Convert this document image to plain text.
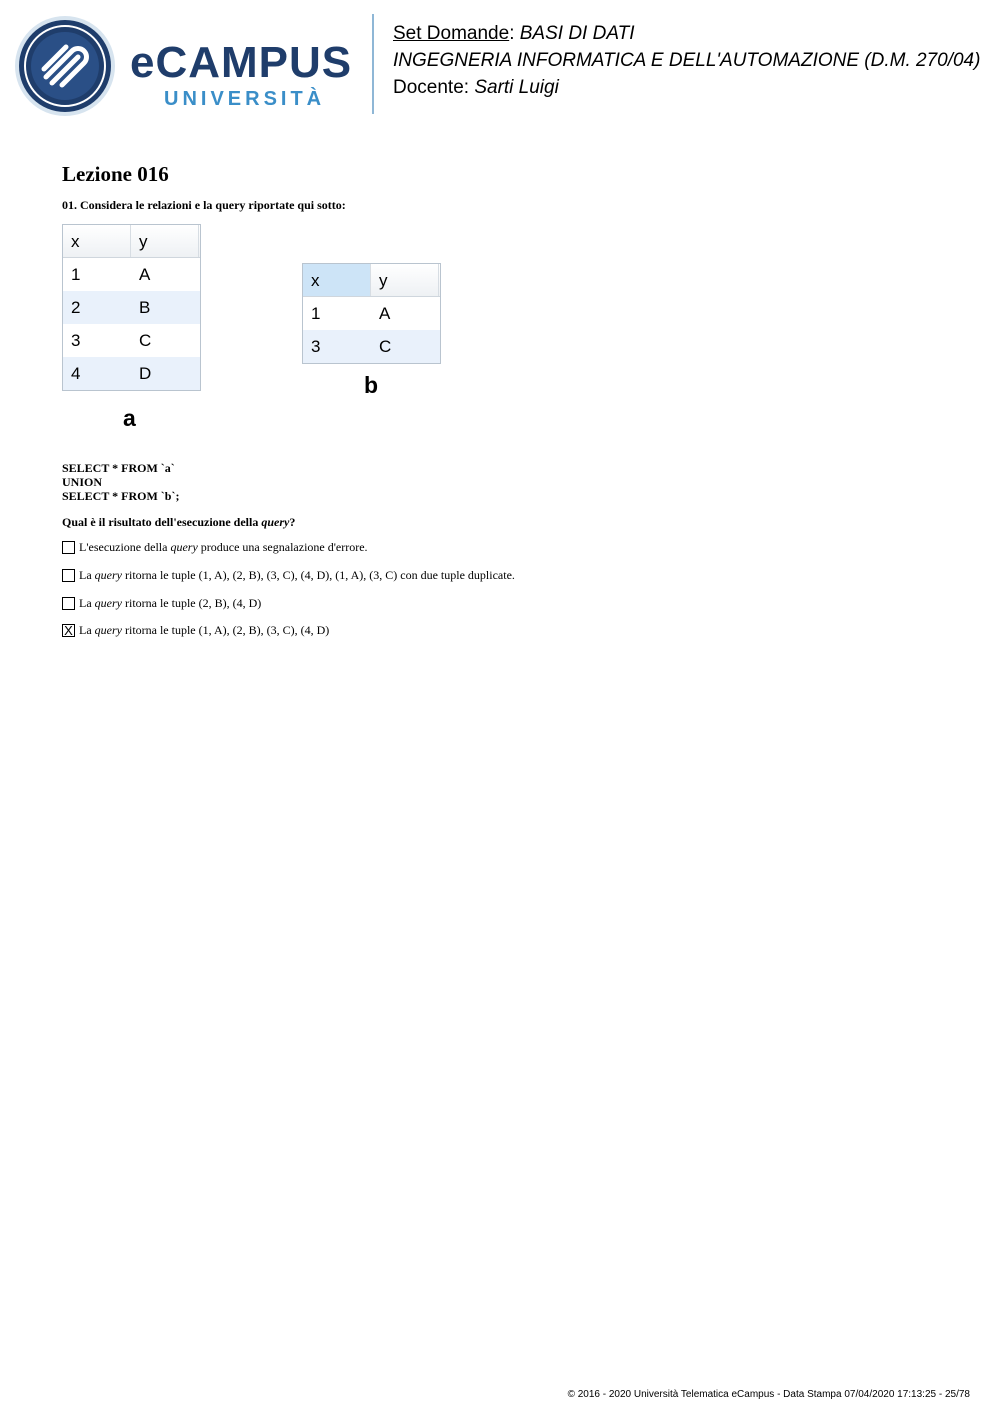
eCAMPUS
UNIVERSITÀ
Set Domande: BASI DI DATI
INGEGNERIA INFORMATICA E DELL'AUTOMAZIONE (D.M. 270/04)
Docente: Sarti Luigi
Lezione 016
01. Considera le relazioni e la query riportate qui sotto:
x	y
1	A
2	B
3	C
4	D
a
x	y
1	A
3	C
b
SELECT * FROM `a`
UNION
SELECT * FROM `b`;
Qual è il risultato dell'esecuzione della query?
L'esecuzione della
query
produce una segnalazione d'errore.
La
query
ritorna le tuple (1, A), (2, B), (3, C), (4, D), (1, A), (3, C) con due tuple duplicate.
La
query
ritorna le tuple (2, B), (4, D)
X La
query
ritorna le tuple (1, A), (2, B), (3, C), (4, D)
© 2016 - 2020 Università Telematica eCampus - Data Stampa 07/04/2020 17:13:25 - 25/78
